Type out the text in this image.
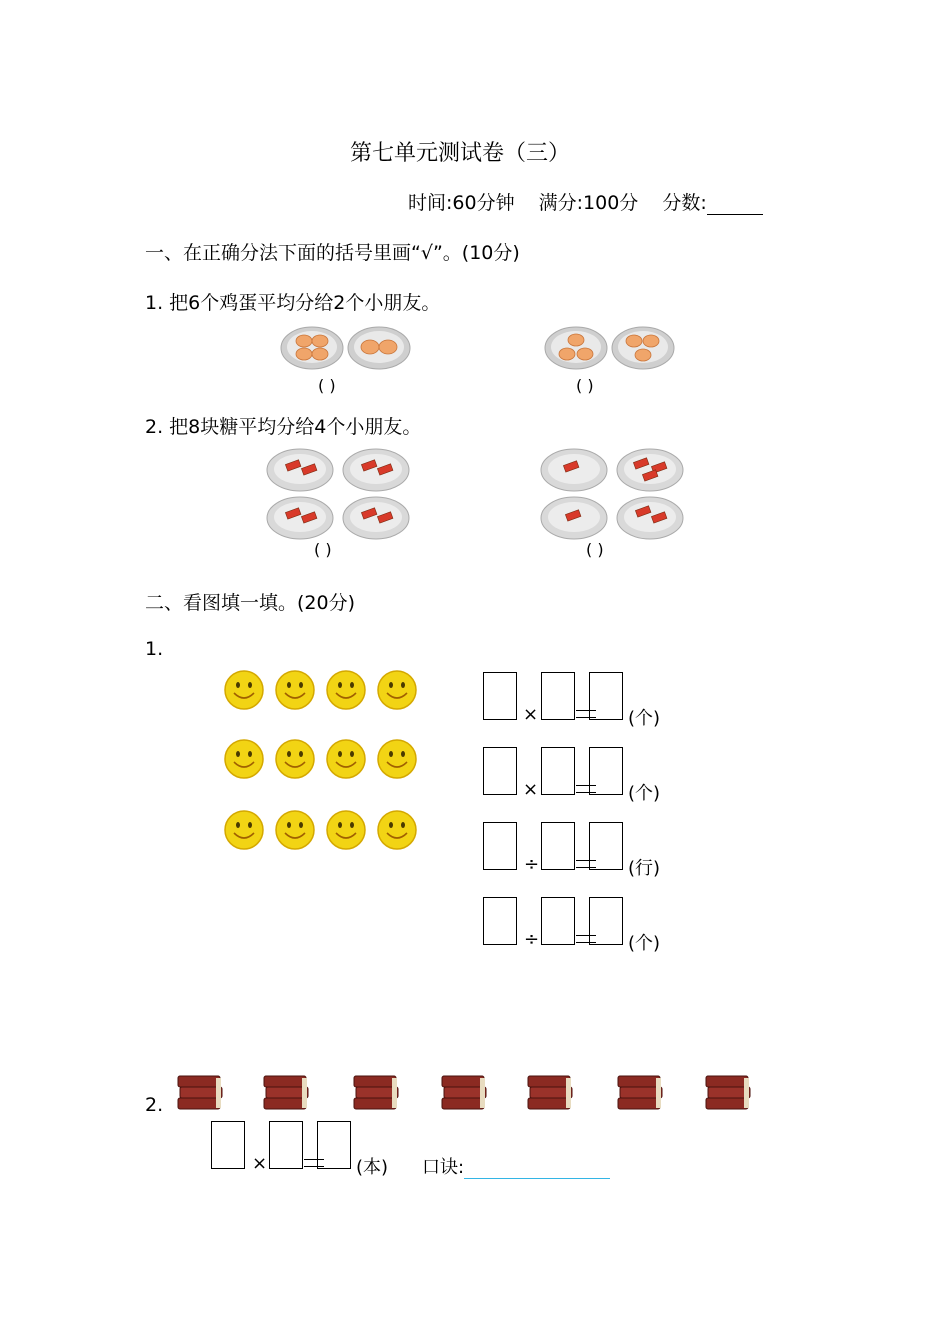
第七单元测试卷（三）
时间:60分钟 满分:100分 分数:
一、在正确分法下面的括号里画“√”。(10分)
1. 把6个鸡蛋平均分给2个小朋友。
( )	( )
2. 把8块糖平均分给4个小朋友。
( )	( )
二、看图填一填。(20分)
1.
×	(个)
×	(个)
÷	(行)
÷	(个)
2.
×	(本) 口诀:
